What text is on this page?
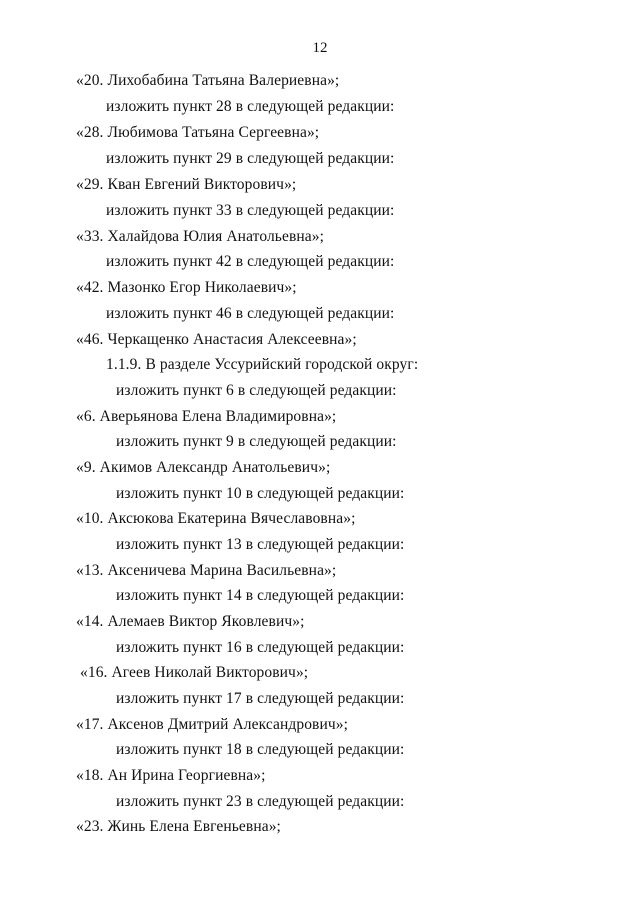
12
«20. Лихобабина Татьяна Валериевна»;
изложить пункт 28 в следующей редакции:
«28. Любимова Татьяна Сергеевна»;
изложить пункт 29 в следующей редакции:
«29. Кван Евгений Викторович»;
изложить пункт 33 в следующей редакции:
«33. Халайдова Юлия Анатольевна»;
изложить пункт 42 в следующей редакции:
«42. Мазонко Егор Николаевич»;
изложить пункт 46 в следующей редакции:
«46. Черкащенко Анастасия Алексеевна»;
1.1.9. В разделе Уссурийский городской округ:
изложить пункт 6 в следующей редакции:
«6. Аверьянова Елена Владимировна»;
изложить пункт 9 в следующей редакции:
«9. Акимов Александр Анатольевич»;
изложить пункт 10 в следующей редакции:
«10. Аксюкова Екатерина Вячеславовна»;
изложить пункт 13 в следующей редакции:
«13. Аксеничева Марина Васильевна»;
изложить пункт 14 в следующей редакции:
«14. Алемаев Виктор Яковлевич»;
изложить пункт 16 в следующей редакции:
«16. Агеев Николай Викторович»;
изложить пункт 17 в следующей редакции:
«17. Аксенов Дмитрий Александрович»;
изложить пункт 18 в следующей редакции:
«18. Ан Ирина Георгиевна»;
изложить пункт 23 в следующей редакции:
«23. Жинь Елена Евгеньевна»;
